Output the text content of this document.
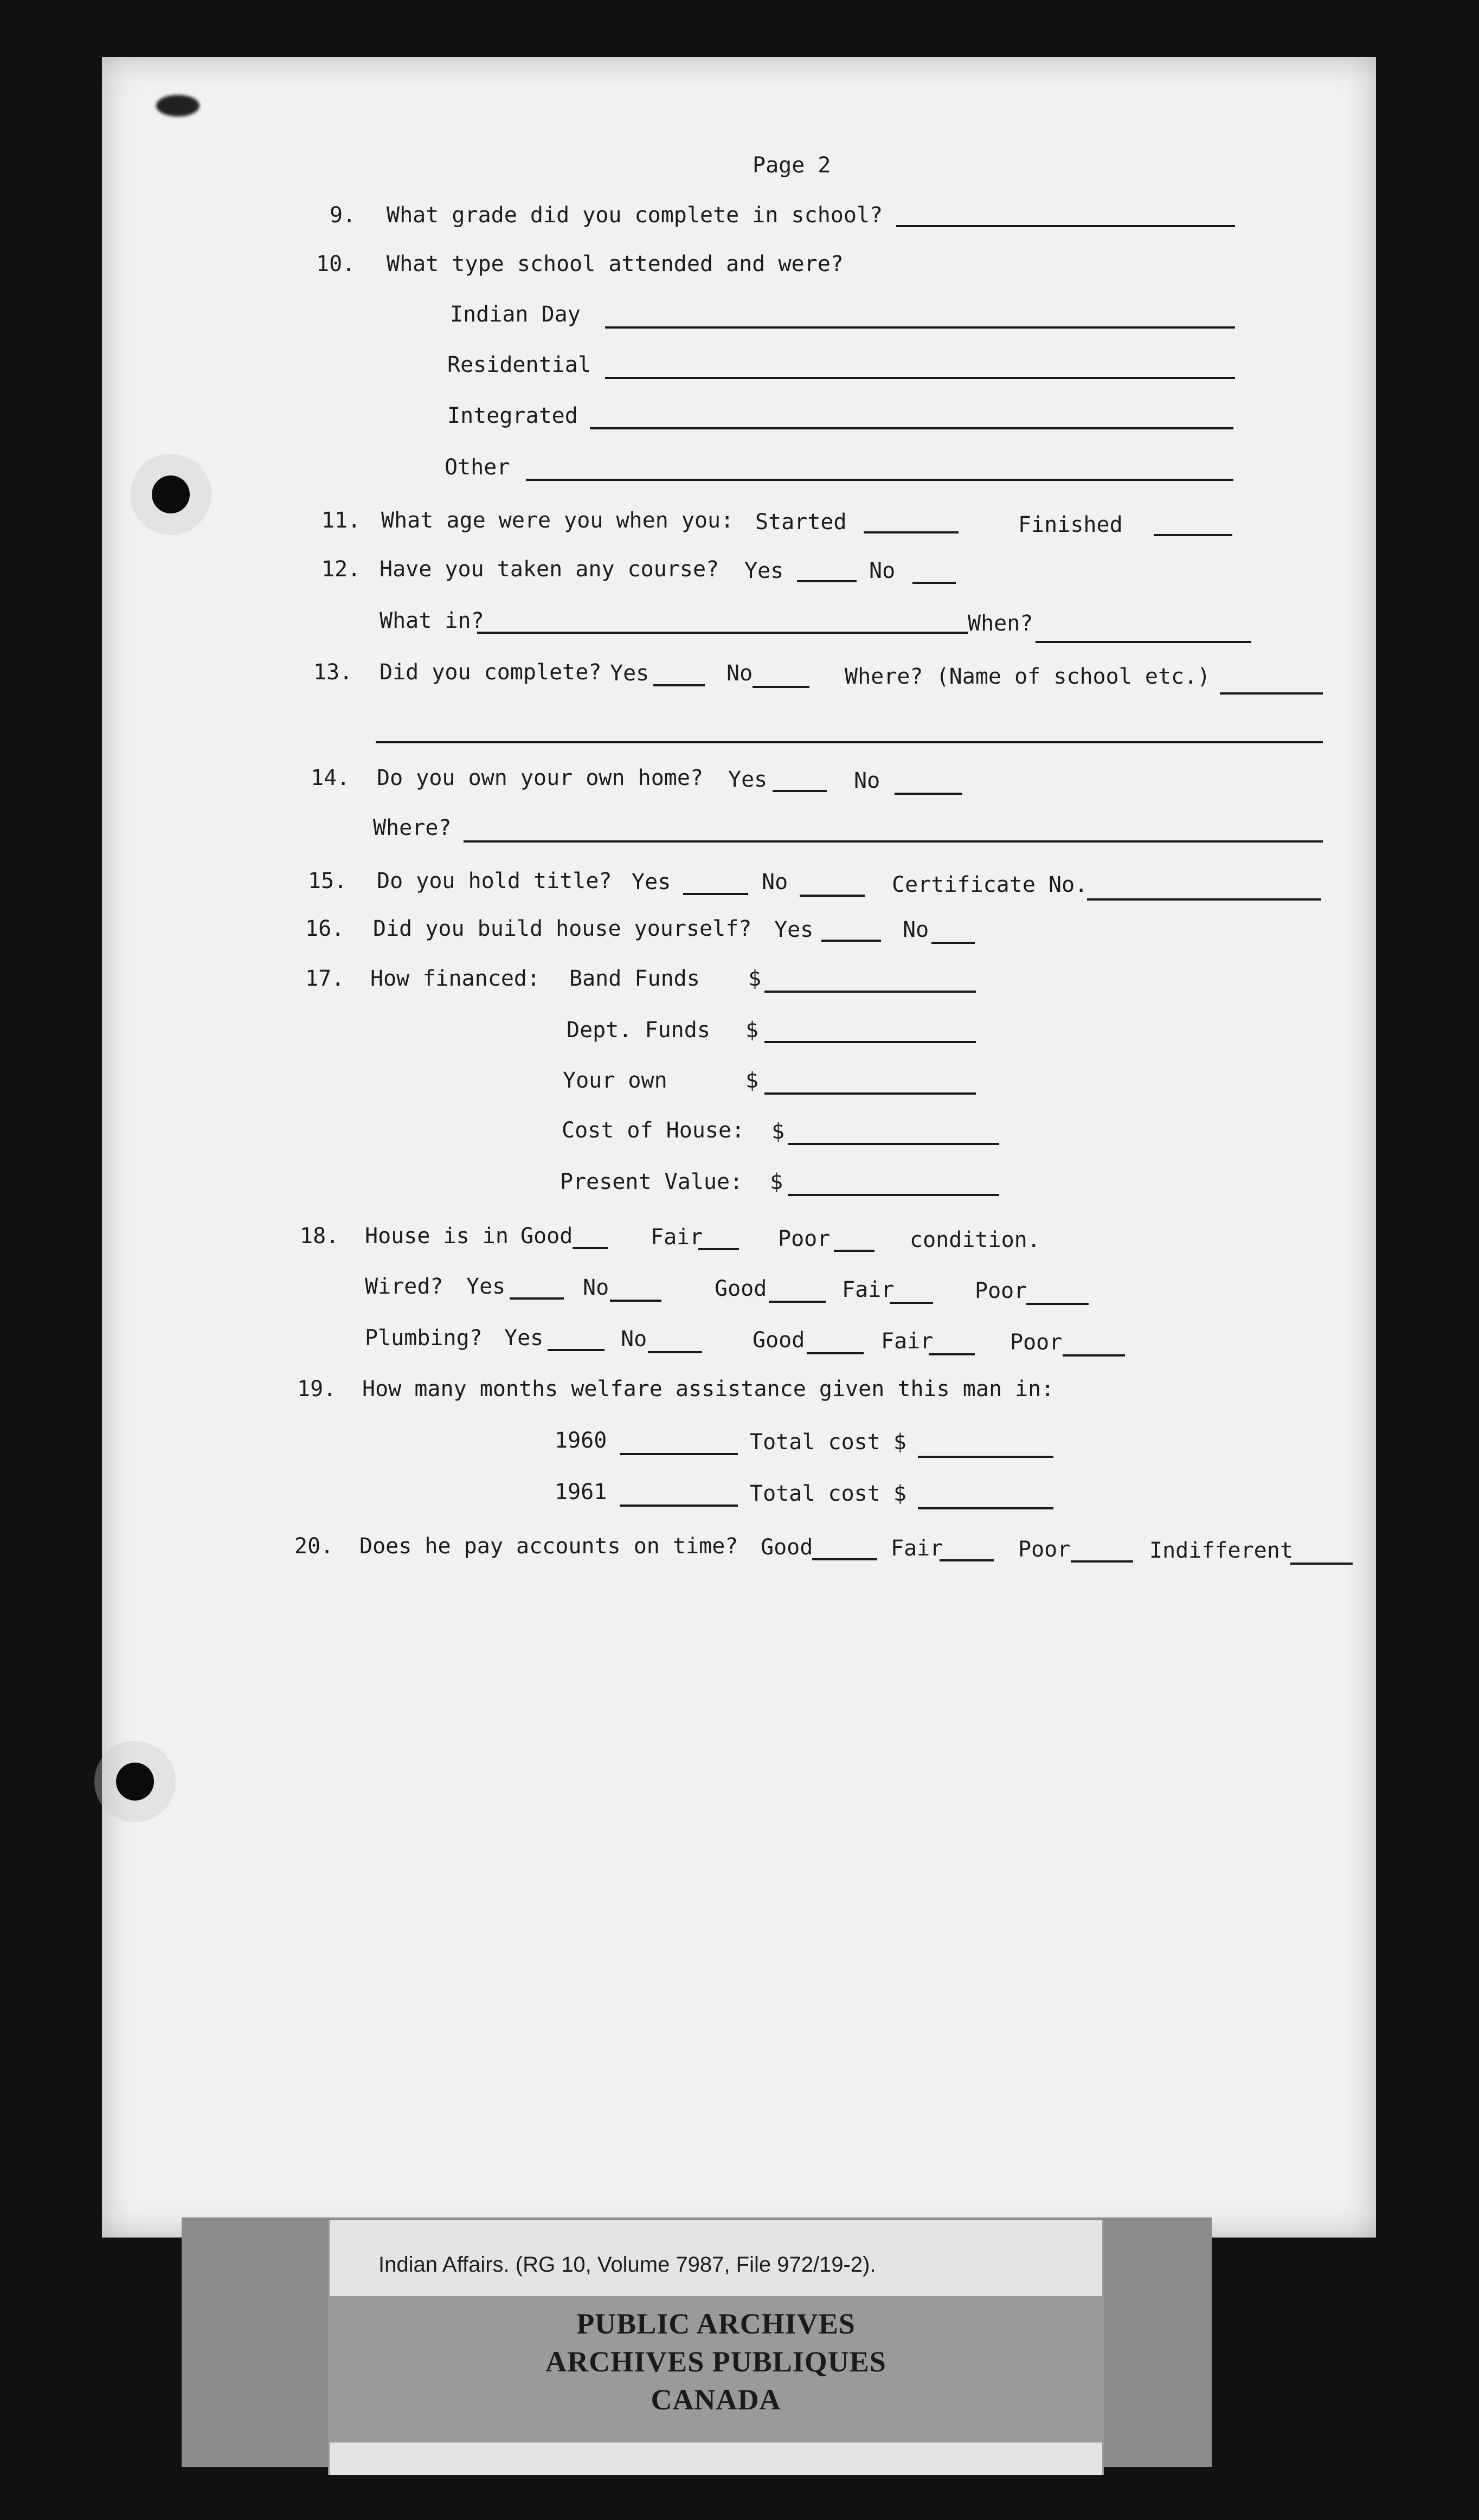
Page 2
9. What grade did you complete in school?
10. What type school attended and were?
Indian Day
Residential
Integrated
Other
11. What age were you when you: Started	Finished
12. Have you taken any course? Yes	No
What in?	When?
13. Did you complete? Yes	No	Where? (Name of school etc.)
14. Do you own your own home? Yes	No
Where?
15. Do you hold title? Yes	No	Certificate No.
16. Did you build house yourself? Yes	No
17. How financed: Band Funds $
Dept. Funds $
Your own	$
Cost of House: $
Present Value: $
18. House is in Good	Fair	Poor	condition.
Wired? Yes	No	Good	Fair	Poor
Plumbing? Yes	No	Good	Fair	Poor
19. How many months welfare assistance given this man in:
1960	Total cost $
1961	Total cost $
20. Does he pay accounts on time? Good	Fair	Poor	Indifferent
Indian Affairs. (RG 10, Volume 7987, File 972/19-2).
PUBLIC ARCHIVES
ARCHIVES PUBLIQUES
CANADA
